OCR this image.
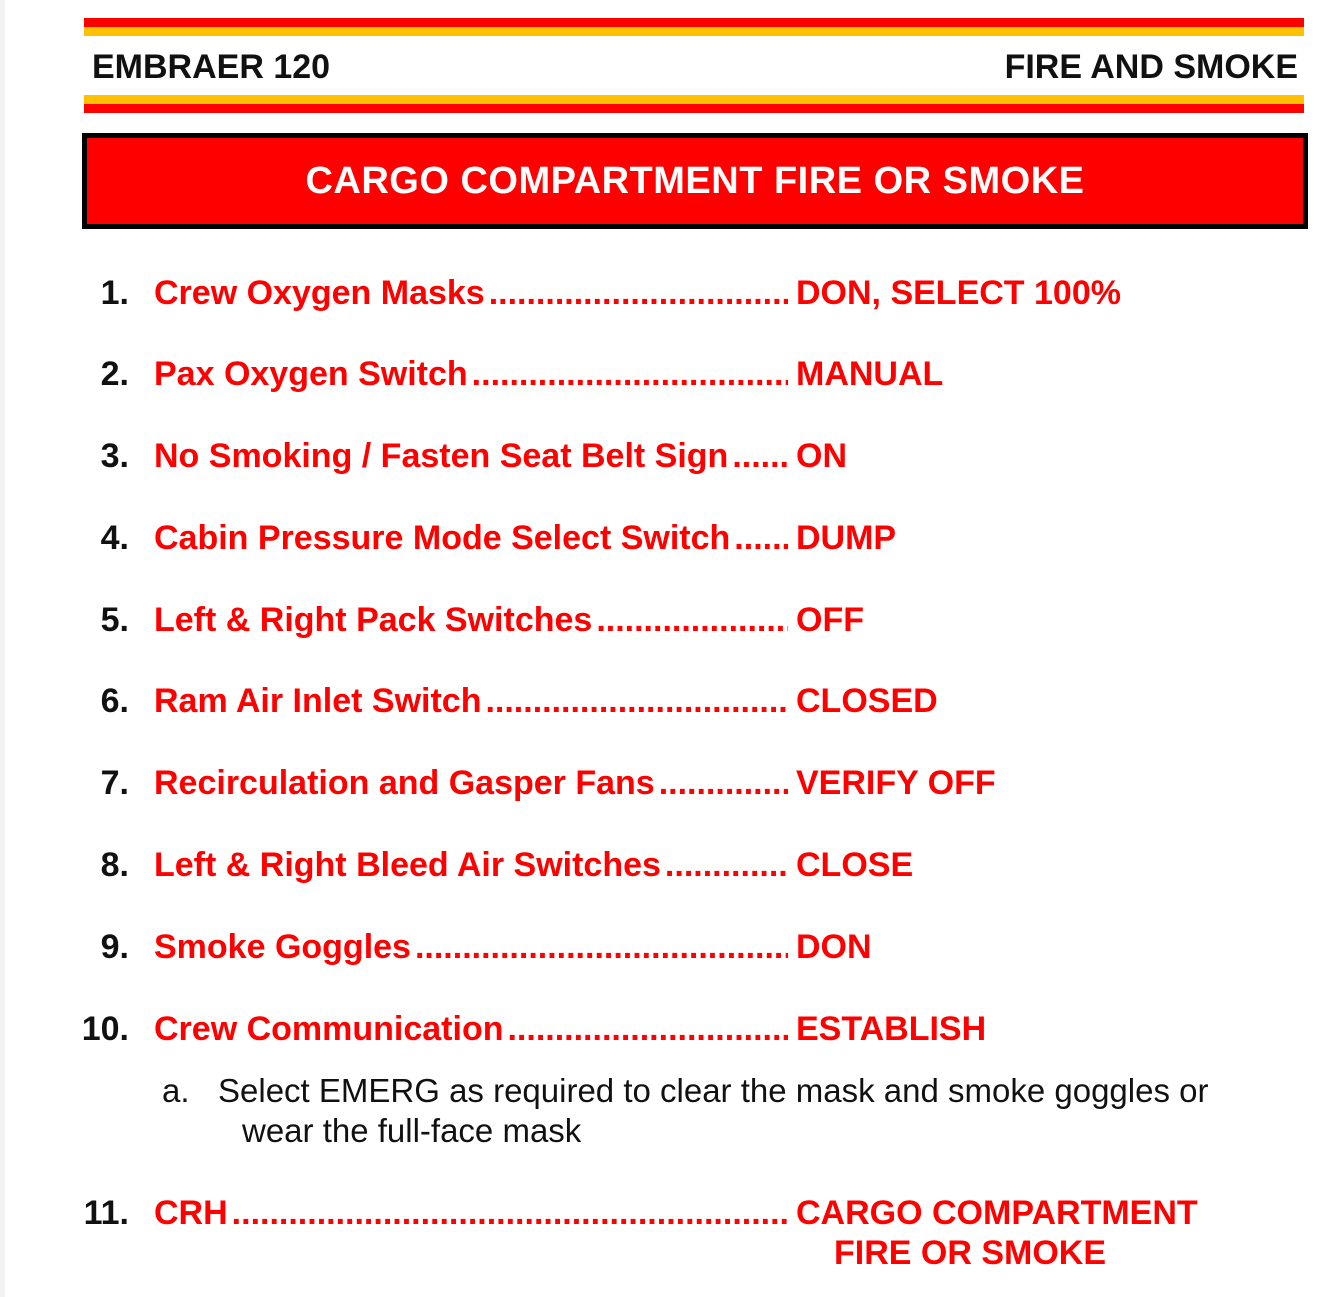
EMBRAER 120	FIRE AND SMOKE
CARGO COMPARTMENT FIRE OR SMOKE
1. Crew Oxygen Masks .....	DON, SELECT 100%
2. Pax Oxygen Switch .....	MANUAL
3. No Smoking / Fasten Seat Belt Sign ..... ON
4. Cabin Pressure Mode Select Switch ..... DUMP
5. Left & Right Pack Switches .....	OFF
6. Ram Air Inlet Switch .....	CLOSED
7. Recirculation and Gasper Fans .....	VERIFY OFF
8. Left & Right Bleed Air Switches .....	CLOSE
9. Smoke Goggles .....	DON
10. Crew Communication .....	ESTABLISH
a. Select EMERG as required to clear the mask and smoke goggles or
wear the full-face mask
11. CRH .....	CARGO COMPARTMENT
FIRE OR SMOKE
